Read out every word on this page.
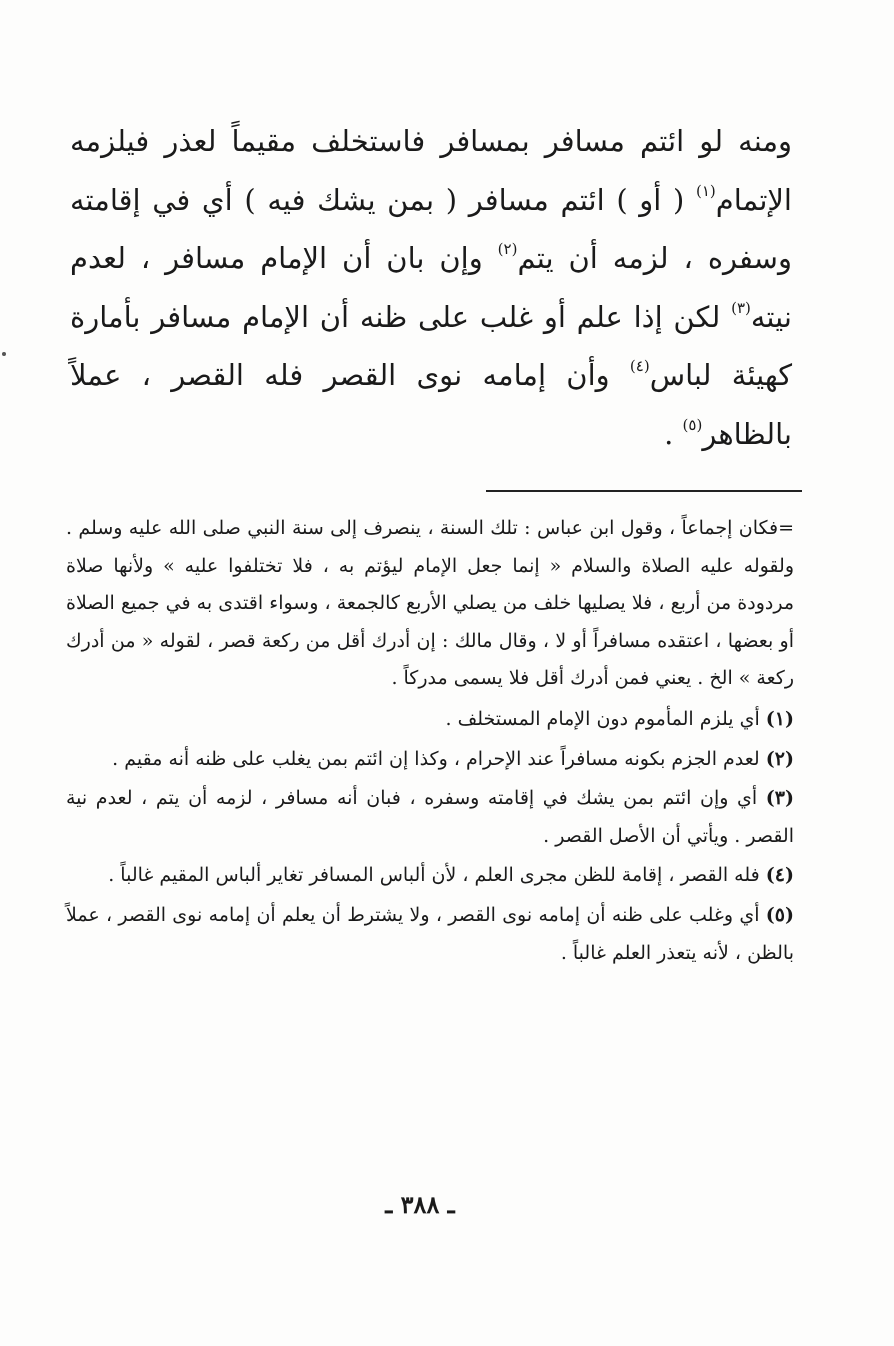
ومنه لو ائتم مسافر بمسافر فاستخلف مقيماً لعذر فيلزمه الإتمام$^{(١)}$ ( أو ) ائتم مسافر ( بمن يشك فيه ) أي في إقامته وسفره ، لزمه أن يتم$^{(٢)}$ وإن بان أن الإمام مسافر ، لعدم نيته$^{(٣)}$ لكن إذا علم أو غلب على ظنه أن الإمام مسافر بأمارة كهيئة لباس$^{(٤)}$ وأن إمامه نوى القصر فله القصر ، عملاً بالظاهر$^{(٥)}$ .

=فكان إجماعاً ، وقول ابن عباس : تلك السنة ، ينصرف إلى سنة النبي صلى الله عليه وسلم . ولقوله عليه الصلاة والسلام « إنما جعل الإمام ليؤتم به ، فلا تختلفوا عليه » ولأنها صلاة مردودة من أربع ، فلا يصليها خلف من يصلي الأربع كالجمعة ، وسواء اقتدى به في جميع الصلاة أو بعضها ، اعتقده مسافراً أو لا ، وقال مالك : إن أدرك أقل من ركعة قصر ، لقوله « من أدرك ركعة » الخ . يعني فمن أدرك أقل فلا يسمى مدركاً .

(١) أي يلزم المأموم دون الإمام المستخلف .

(٢) لعدم الجزم بكونه مسافراً عند الإحرام ، وكذا إن ائتم بمن يغلب على ظنه أنه مقيم .

(٣) أي وإن ائتم بمن يشك في إقامته وسفره ، فبان أنه مسافر ، لزمه أن يتم ، لعدم نية القصر . ويأتي أن الأصل القصر .

(٤) فله القصر ، إقامة للظن مجرى العلم ، لأن ألباس المسافر تغاير ألباس المقيم غالباً .

(٥) أي وغلب على ظنه أن إمامه نوى القصر ، ولا يشترط أن يعلم أن إمامه نوى القصر ، عملاً بالظن ، لأنه يتعذر العلم غالباً .

ـ ٣٨٨ ـ
